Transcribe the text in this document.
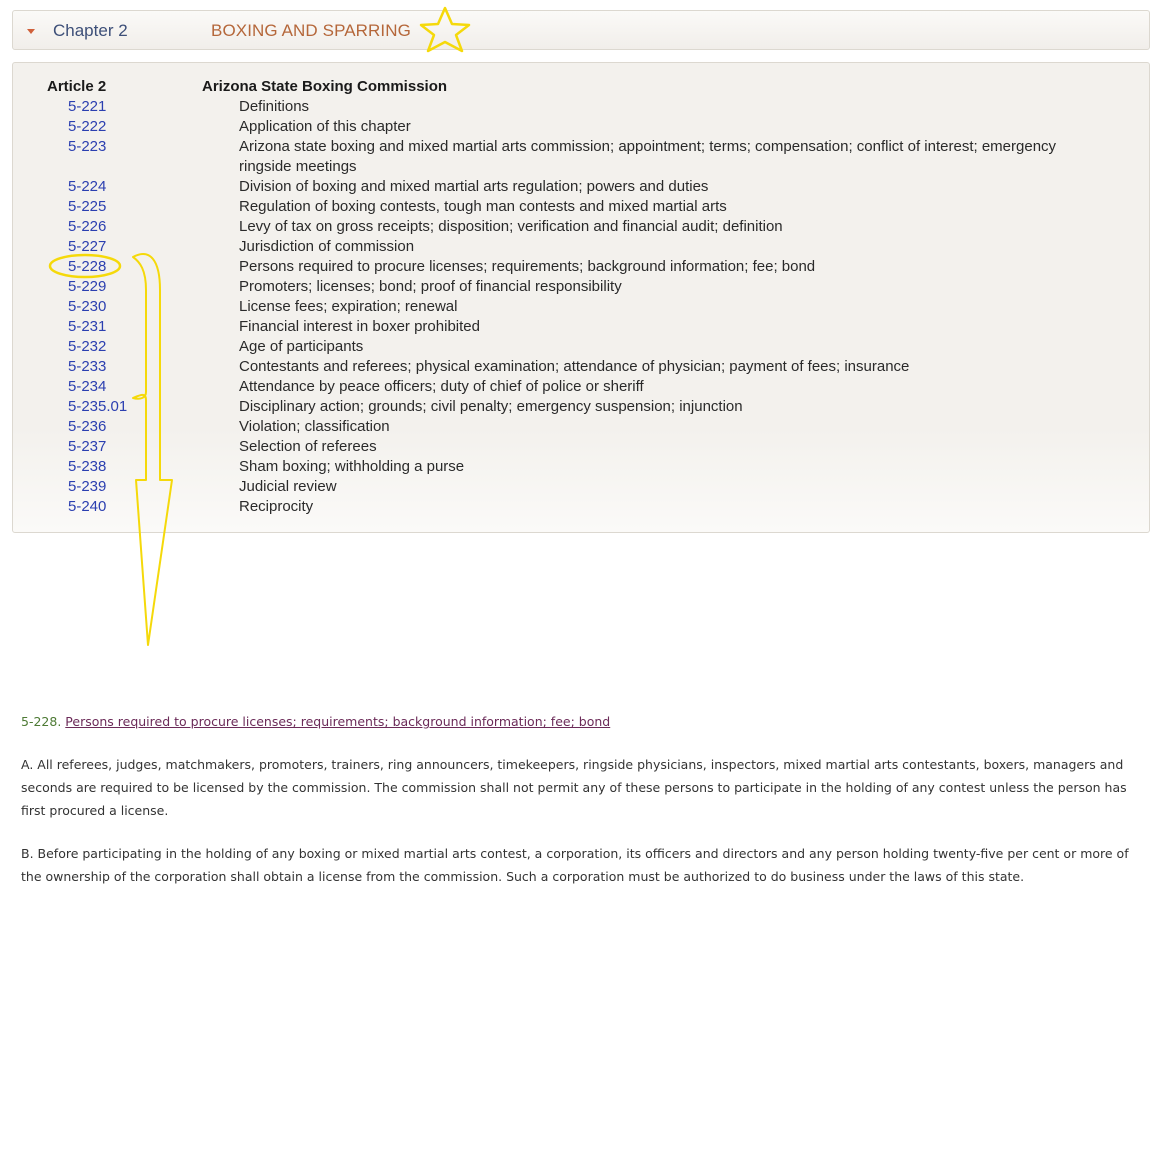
Chapter 2	BOXING AND SPARRING
Article 2	Arizona State Boxing Commission
5-221	Definitions
5-222	Application of this chapter
5-223	Arizona state boxing and mixed martial arts commission; appointment; terms; compensation; conflict of interest; emergency ringside meetings
5-224	Division of boxing and mixed martial arts regulation; powers and duties
5-225	Regulation of boxing contests, tough man contests and mixed martial arts
5-226	Levy of tax on gross receipts; disposition; verification and financial audit; definition
5-227	Jurisdiction of commission
5-228	Persons required to procure licenses; requirements; background information; fee; bond
5-229	Promoters; licenses; bond; proof of financial responsibility
5-230	License fees; expiration; renewal
5-231	Financial interest in boxer prohibited
5-232	Age of participants
5-233	Contestants and referees; physical examination; attendance of physician; payment of fees; insurance
5-234	Attendance by peace officers; duty of chief of police or sheriff
5-235.01	Disciplinary action; grounds; civil penalty; emergency suspension; injunction
5-236	Violation; classification
5-237	Selection of referees
5-238	Sham boxing; withholding a purse
5-239	Judicial review
5-240	Reciprocity
5-228. Persons required to procure licenses; requirements; background information; fee; bond

A. All referees, judges, matchmakers, promoters, trainers, ring announcers, timekeepers, ringside physicians, inspectors, mixed martial arts contestants, boxers, managers and seconds are required to be licensed by the commission. The commission shall not permit any of these persons to participate in the holding of any contest unless the person has first procured a license.

B. Before participating in the holding of any boxing or mixed martial arts contest, a corporation, its officers and directors and any person holding twenty-five per cent or more of the ownership of the corporation shall obtain a license from the commission. Such a corporation must be authorized to do business under the laws of this state.
